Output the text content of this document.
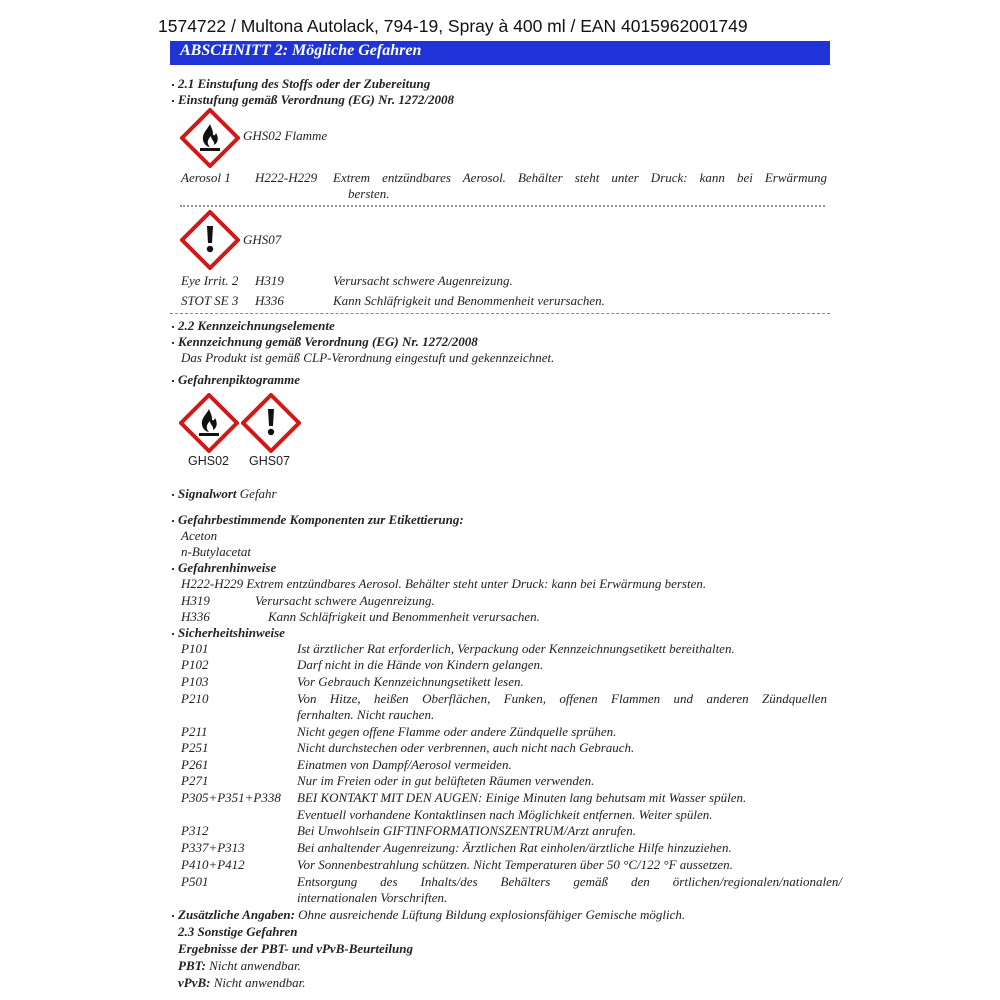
1574722 / Multona Autolack, 794-19, Spray à 400 ml / EAN 4015962001749
ABSCHNITT 2: Mögliche Gefahren
2.1 Einstufung des Stoffs oder der Zubereitung
Einstufung gemäß Verordnung (EG) Nr. 1272/2008
GHS02 Flamme
Aerosol 1 H222-H229 Extrem entzündbares Aerosol. Behälter steht unter Druck: kann bei Erwärmung
bersten.
GHS07
Eye Irrit. 2 H319	Verursacht schwere Augenreizung.
STOT SE 3 H336	Kann Schläfrigkeit und Benommenheit verursachen.
2.2 Kennzeichnungselemente
Kennzeichnung gemäß Verordnung (EG) Nr. 1272/2008
Das Produkt ist gemäß CLP-Verordnung eingestuft und gekennzeichnet.
Gefahrenpiktogramme
GHS02 GHS07
Signalwort Gefahr
Gefahrbestimmende Komponenten zur Etikettierung:
Aceton
n-Butylacetat
Gefahrenhinweise
H222-H229 Extrem entzündbares Aerosol. Behälter steht unter Druck: kann bei Erwärmung bersten.
H319	Verursacht schwere Augenreizung.
H336	Kann Schläfrigkeit und Benommenheit verursachen.
Sicherheitshinweise
P101	Ist ärztlicher Rat erforderlich, Verpackung oder Kennzeichnungsetikett bereithalten.
P102	Darf nicht in die Hände von Kindern gelangen.
P103	Vor Gebrauch Kennzeichnungsetikett lesen.
P210	Von Hitze, heißen Oberflächen, Funken, offenen Flammen und anderen Zündquellen
fernhalten. Nicht rauchen.
P211	Nicht gegen offene Flamme oder andere Zündquelle sprühen.
P251	Nicht durchstechen oder verbrennen, auch nicht nach Gebrauch.
P261	Einatmen von Dampf/Aerosol vermeiden.
P271	Nur im Freien oder in gut belüfteten Räumen verwenden.
P305+P351+P338 BEI KONTAKT MIT DEN AUGEN: Einige Minuten lang behutsam mit Wasser spülen.
Eventuell vorhandene Kontaktlinsen nach Möglichkeit entfernen. Weiter spülen.
P312	Bei Unwohlsein GIFTINFORMATIONSZENTRUM/Arzt anrufen.
P337+P313	Bei anhaltender Augenreizung: Ärztlichen Rat einholen/ärztliche Hilfe hinzuziehen.
P410+P412	Vor Sonnenbestrahlung schützen. Nicht Temperaturen über 50 °C/122 °F aussetzen.
P501	Entsorgung des Inhalts/des Behälters gemäß den örtlichen/regionalen/nationalen/
internationalen Vorschriften.
Zusätzliche Angaben: Ohne ausreichende Lüftung Bildung explosionsfähiger Gemische möglich.
2.3 Sonstige Gefahren
Ergebnisse der PBT- und vPvB-Beurteilung
PBT: Nicht anwendbar.
vPvB: Nicht anwendbar.
